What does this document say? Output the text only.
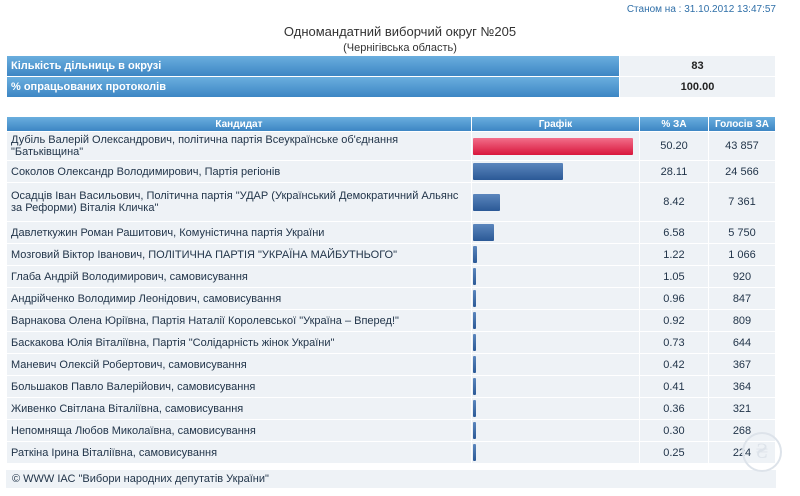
Станом на : 31.10.2012 13:47:57
Одномандатний виборчий округ №205
(Чернігівська область)
Кількість дільниць в окрузі	83
% опрацьованих протоколів	100.00
Кандидат	Графік	% ЗА	Голосів ЗА
Дубіль Валерій Олександрович, політична партія Всеукраїнське об'єднання "Батьківщина"		50.20	43 857
Соколов Олександр Володимирович, Партія регіонів		28.11	24 566
Осадців Іван Васильович, Політична партія "УДАР (Український Демократичний Альянс за Реформи) Віталія Кличка"		8.42	7 361
Давлеткужин Роман Рашитович, Комуністична партія України		6.58	5 750
Мозговий Віктор Іванович, ПОЛІТИЧНА ПАРТІЯ "УКРАЇНА МАЙБУТНЬОГО"		1.22	1 066
Глаба Андрій Володимирович, самовисування		1.05	920
Андрійченко Володимир Леонідович, самовисування		0.96	847
Варнакова Олена Юріївна, Партія Наталії Королевської "Україна – Вперед!"		0.92	809
Баскакова Юлія Віталіївна, Партія "Солідарність жінок України"		0.73	644
Маневич Олексій Робертович, самовисування		0.42	367
Большаков Павло Валерійович, самовисування		0.41	364
Живенко Світлана Віталіївна, самовисування		0.36	321
Непомняща Любов Миколаївна, самовисування		0.30	268
Раткіна Ірина Віталіївна, самовисування		0.25	224
© WWW ІАС "Вибори народних депутатів України"
₴
